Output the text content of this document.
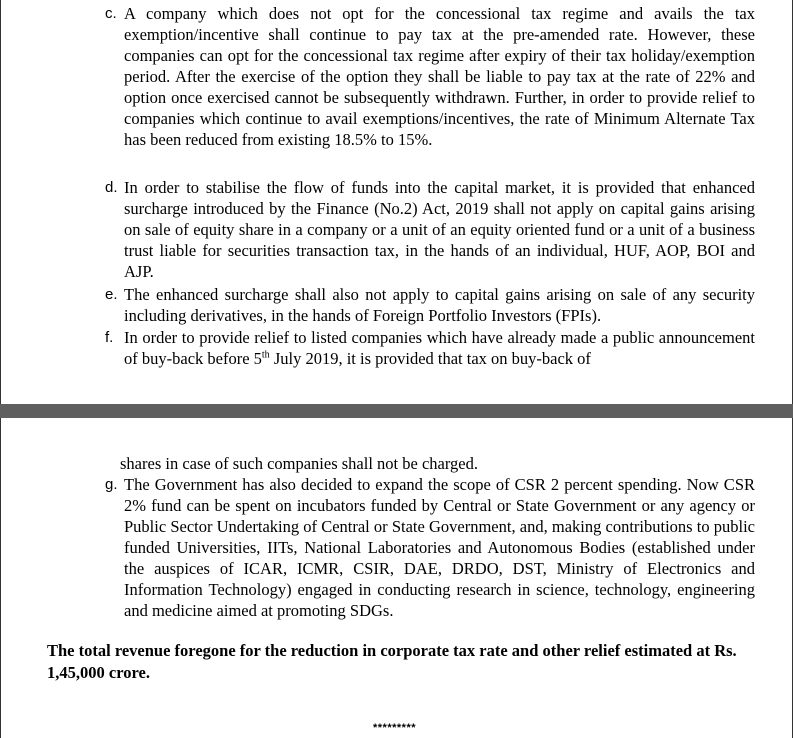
c. A company which does not opt for the concessional tax regime and avails the tax exemption/incentive shall continue to pay tax at the pre-amended rate. However, these companies can opt for the concessional tax regime after expiry of their tax holiday/exemption period. After the exercise of the option they shall be liable to pay tax at the rate of 22% and option once exercised cannot be subsequently withdrawn. Further, in order to provide relief to companies which continue to avail exemptions/incentives, the rate of Minimum Alternate Tax has been reduced from existing 18.5% to 15%.
d. In order to stabilise the flow of funds into the capital market, it is provided that enhanced surcharge introduced by the Finance (No.2) Act, 2019 shall not apply on capital gains arising on sale of equity share in a company or a unit of an equity oriented fund or a unit of a business trust liable for securities transaction tax, in the hands of an individual, HUF, AOP, BOI and AJP.
e. The enhanced surcharge shall also not apply to capital gains arising on sale of any security including derivatives, in the hands of Foreign Portfolio Investors (FPIs).
f. In order to provide relief to listed companies which have already made a public announcement of buy-back before 5th July 2019, it is provided that tax on buy-back of
shares in case of such companies shall not be charged.
g. The Government has also decided to expand the scope of CSR 2 percent spending. Now CSR 2% fund can be spent on incubators funded by Central or State Government or any agency or Public Sector Undertaking of Central or State Government, and, making contributions to public funded Universities, IITs, National Laboratories and Autonomous Bodies (established under the auspices of ICAR, ICMR, CSIR, DAE, DRDO, DST, Ministry of Electronics and Information Technology) engaged in conducting research in science, technology, engineering and medicine aimed at promoting SDGs.
The total revenue foregone for the reduction in corporate tax rate and other relief estimated at Rs. 1,45,000 crore.
*********
